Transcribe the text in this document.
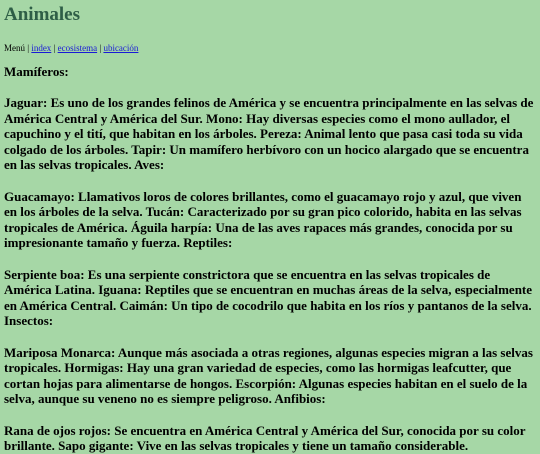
Animales
Menú | index | ecosistema | ubicación
Mamíferos:

Jaguar: Es uno de los grandes felinos de América y se encuentra principalmente en las selvas de América Central y América del Sur. Mono: Hay diversas especies como el mono aullador, el capuchino y el tití, que habitan en los árboles. Pereza: Animal lento que pasa casi toda su vida colgado de los árboles. Tapir: Un mamífero herbívoro con un hocico alargado que se encuentra en las selvas tropicales. Aves:

Guacamayo: Llamativos loros de colores brillantes, como el guacamayo rojo y azul, que viven en los árboles de la selva. Tucán: Caracterizado por su gran pico colorido, habita en las selvas tropicales de América. Águila harpía: Una de las aves rapaces más grandes, conocida por su impresionante tamaño y fuerza. Reptiles:

Serpiente boa: Es una serpiente constrictora que se encuentra en las selvas tropicales de América Latina. Iguana: Reptiles que se encuentran en muchas áreas de la selva, especialmente en América Central. Caimán: Un tipo de cocodrilo que habita en los ríos y pantanos de la selva. Insectos:

Mariposa Monarca: Aunque más asociada a otras regiones, algunas especies migran a las selvas tropicales. Hormigas: Hay una gran variedad de especies, como las hormigas leafcutter, que cortan hojas para alimentarse de hongos. Escorpión: Algunas especies habitan en el suelo de la selva, aunque su veneno no es siempre peligroso. Anfibios:

Rana de ojos rojos: Se encuentra en América Central y América del Sur, conocida por su color brillante. Sapo gigante: Vive en las selvas tropicales y tiene un tamaño considerable.
